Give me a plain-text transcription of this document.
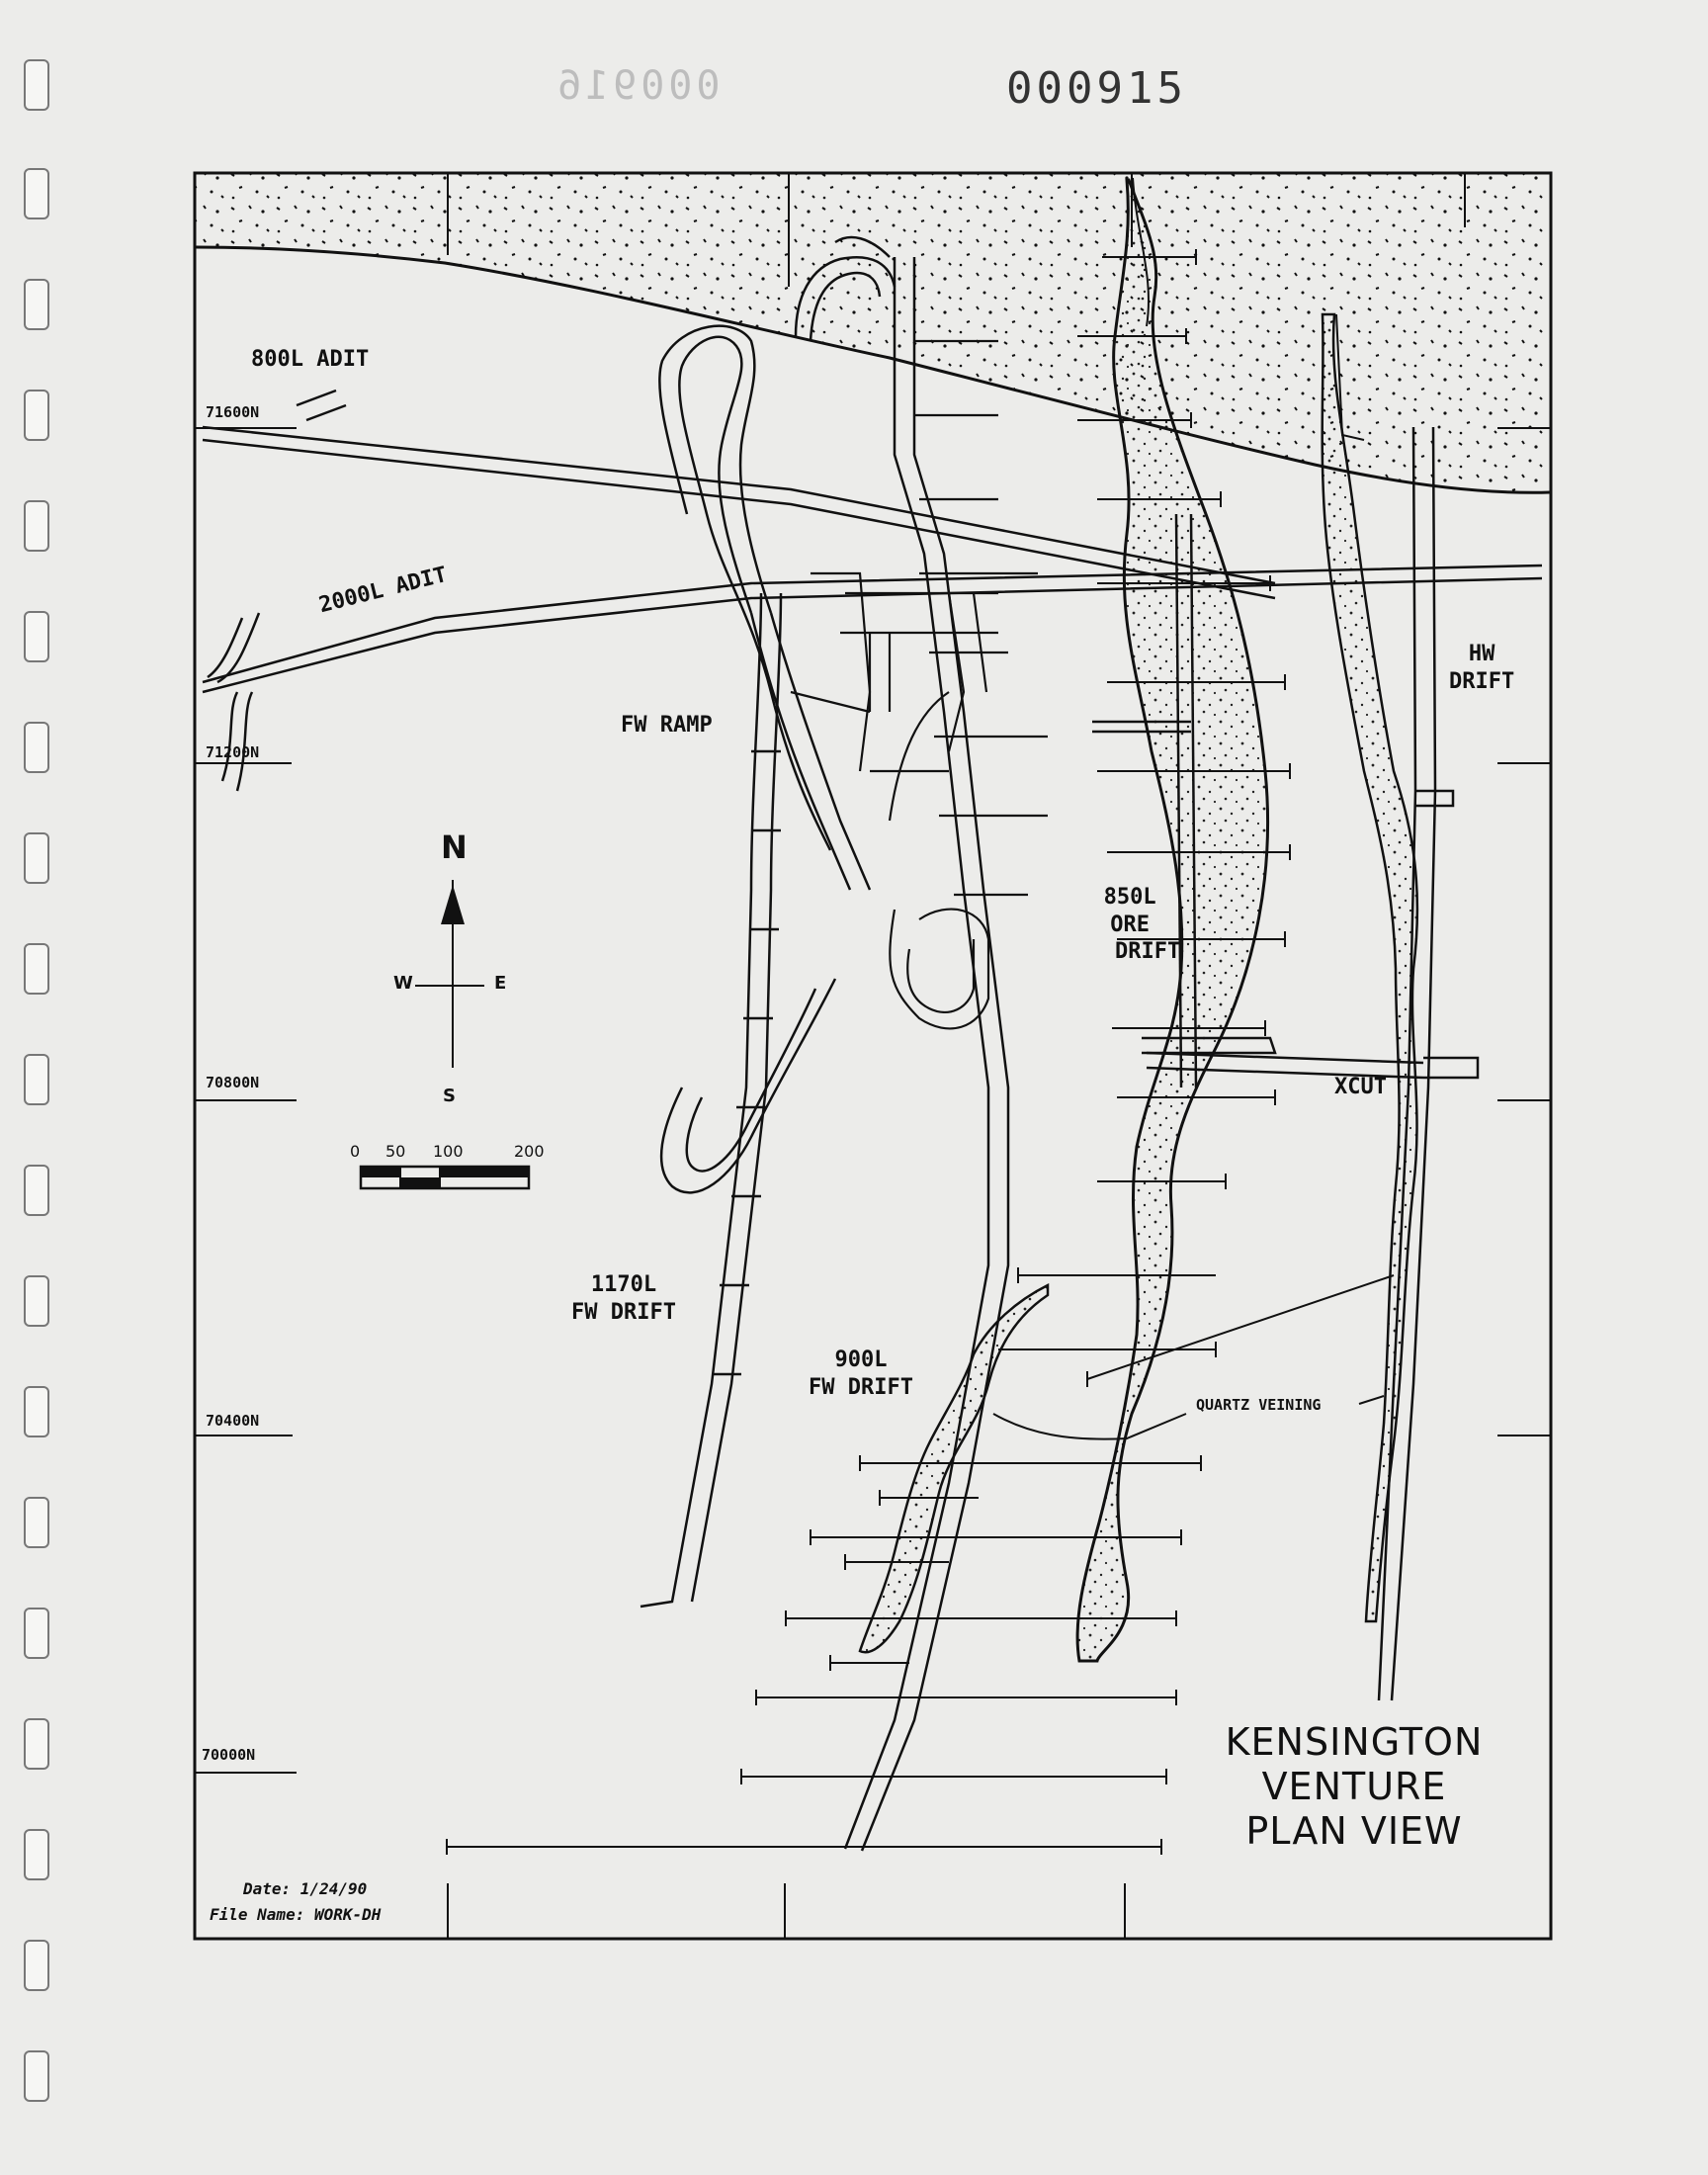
000916	000915
800L ADIT
2000L ADIT
FW RAMP
HW
DRIFT
850L
ORE
DRIFT
XCUT
1170L
FW DRIFT
900L
FW DRIFT
QUARTZ VEINING
71600N
71200N
70800N
70400N
70000N
N
W	E
S
0 50 100	200
KENSINGTON
VENTURE
PLAN VIEW
Date: 1/24/90
File Name: WORK-DH
